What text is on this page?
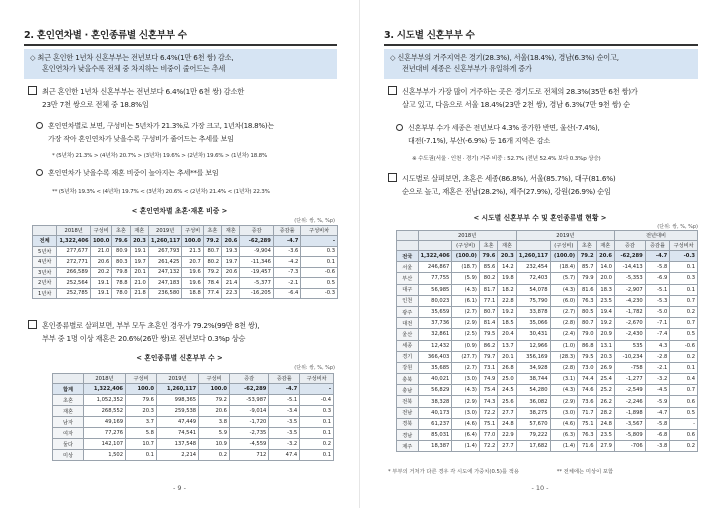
2. 혼인연차별 · 혼인종류별 신혼부부 수
◇ 최근 혼인한 1년차 신혼부부는 전년보다 6.4%(1만 6천 쌍) 감소,
혼인연차가 낮을수록 전체 중 차지하는 비중이 줄어드는 추세
최근 혼인한 1년차 신혼부부는 전년보다 6.4%(1만 6천 쌍) 감소한
23만 7천 쌍으로 전체 중 18.8%임
혼인연차별로 보면, 구성비는 5년차가 21.3%로 가장 크고, 1년차(18.8%)는
가장 작아 혼인연차가 낮을수록 구성비가 줄어드는 추세를 보임
* (5년차) 21.3% > (4년차) 20.7% > (3년차) 19.6% > (2년차) 19.6% > (1년차) 18.8%
혼인연차가 낮을수록 재혼 비중이 높아지는 추세**를 보임
** (5년차) 19.3% < (4년차) 19.7% < (3년차) 20.6% < (2년차) 21.4% < (1년차) 22.3%
< 혼인연차별 초혼·재혼 비중 >
(단위: 쌍, %, %p)
	2018년	구성비	초혼	재혼	2019년	구성비	초혼	재혼	증감	증감률	구성비차
전체	1,322,406	100.0	79.6	20.3	1,260,117	100.0	79.2	20.6	-62,289	-4.7	-
5년차	277,677	21.0	80.9	19.1	267,793	21.3	80.7	19.3	-9,904	-3.6	0.3
4년차	272,771	20.6	80.3	19.7	261,425	20.7	80.2	19.7	-11,346	-4.2	0.1
3년차	266,589	20.2	79.8	20.1	247,132	19.6	79.2	20.6	-19,457	-7.3	-0.6
2년차	252,564	19.1	78.8	21.0	247,183	19.6	78.4	21.4	-5,377	-2.1	0.5
1년차	252,785	19.1	78.0	21.8	236,580	18.8	77.4	22.3	-16,205	-6.4	-0.3
혼인종류별로 살펴보면, 부부 모두 초혼인 경우가 79.2%(99만 8천 쌍),
부부 중 1명 이상 재혼은 20.6%(26만 쌍)로 전년보다 0.3%p 상승
< 혼인종류별 신혼부부 수 >
(단위: 쌍, %, %p)
	2018년	구성비	2019년	구성비	증감	증감률	구성비차
합계	1,322,406	100.0	1,260,117	100.0	-62,289	-4.7	-
초혼	1,052,352	79.6	998,365	79.2	-53,987	-5.1	-0.4
재혼	268,552	20.3	259,538	20.6	-9,014	-3.4	0.3
남자	49,169	3.7	47,449	3.8	-1,720	-3.5	0.1
여자	77,276	5.8	74,541	5.9	-2,735	-3.5	0.1
둘다	142,107	10.7	137,548	10.9	-4,559	-3.2	0.2
미상	1,502	0.1	2,214	0.2	712	47.4	0.1
- 9 -
3. 시도별 신혼부부 수
◇ 신혼부부의 거주지역은 경기(28.3%), 서울(18.4%), 경남(6.3%) 순이고,
전년대비 세종은 신혼부부가 유일하게 증가
신혼부부가 가장 많이 거주하는 곳은 경기도로 전체의 28.3%(35만 6천 쌍)가
살고 있고, 다음으로 서울 18.4%(23만 2천 쌍), 경남 6.3%(7만 9천 쌍) 순
신혼부부 수가 세종은 전년보다 4.3% 증가한 반면, 울산(-7.4%),
대전(-7.1%), 부산(-6.9%) 등 16개 지역은 감소
※ 수도권(서울 · 인천 · 경기) 거주 비중 : 52.7% (전년 52.4% 보다 0.3%p 상승)
시도별로 살펴보면, 초혼은 세종(86.8%), 서울(85.7%), 대구(81.6%)
순으로 높고, 재혼은 전남(28.2%), 제주(27.9%), 강원(26.9%) 순임
< 시도별 신혼부부 수 및 혼인종류별 현황 >
(단위: 쌍, %, %p)
	2018년				2019년				전년대비		
		(구성비)	초혼	재혼		(구성비)	초혼	재혼	증감	증감률	구성비차
전국	1,322,406	(100.0)	79.6	20.3	1,260,117	(100.0)	79.2	20.6	-62,289	-4.7	-0.3
서울	246,867	(18.7)	85.6	14.2	232,454	(18.4)	85.7	14.0	-14,413	-5.8	0.1
부산	77,755	(5.9)	80.2	19.8	72,403	(5.7)	79.9	20.0	-5,353	-6.9	0.3
대구	56,985	(4.3)	81.7	18.2	54,078	(4.3)	81.6	18.3	-2,907	-5.1	0.1
인천	80,023	(6.1)	77.1	22.8	75,790	(6.0)	76.3	23.5	-4,230	-5.3	0.7
광주	35,659	(2.7)	80.7	19.2	33,878	(2.7)	80.5	19.4	-1,782	-5.0	0.2
대전	37,736	(2.9)	81.4	18.5	35,066	(2.8)	80.7	19.2	-2,670	-7.1	0.7
울산	32,861	(2.5)	79.5	20.4	30,431	(2.4)	79.0	20.9	-2,430	-7.4	0.5
세종	12,432	(0.9)	86.2	13.7	12,966	(1.0)	86.8	13.1	535	4.3	-0.6
경기	366,403	(27.7)	79.7	20.1	356,169	(28.3)	79.5	20.3	-10,234	-2.8	0.2
강원	35,685	(2.7)	73.1	26.8	34,928	(2.8)	73.0	26.9	-758	-2.1	0.1
충북	40,021	(3.0)	74.9	25.0	38,744	(3.1)	74.4	25.4	-1,277	-3.2	0.4
충남	56,829	(4.3)	75.4	24.5	54,280	(4.3)	74.6	25.2	-2,549	-4.5	0.7
전북	38,328	(2.9)	74.3	25.6	36,082	(2.9)	73.6	26.2	-2,246	-5.9	0.6
전남	40,173	(3.0)	72.2	27.7	38,275	(3.0)	71.7	28.2	-1,898	-4.7	0.5
경북	61,237	(4.6)	75.1	24.8	57,670	(4.6)	75.1	24.8	-3,567	-5.8	-
경남	85,031	(6.4)	77.0	22.9	79,222	(6.3)	76.3	23.5	-5,809	-6.8	0.6
제주	18,387	(1.4)	72.2	27.7	17,682	(1.4)	71.6	27.9	-706	-3.8	0.2
* 부부의 거처가 다른 경우 각 시도에 가중치(0.5)를 적용	** 전체에는 미상이 포함
- 10 -
